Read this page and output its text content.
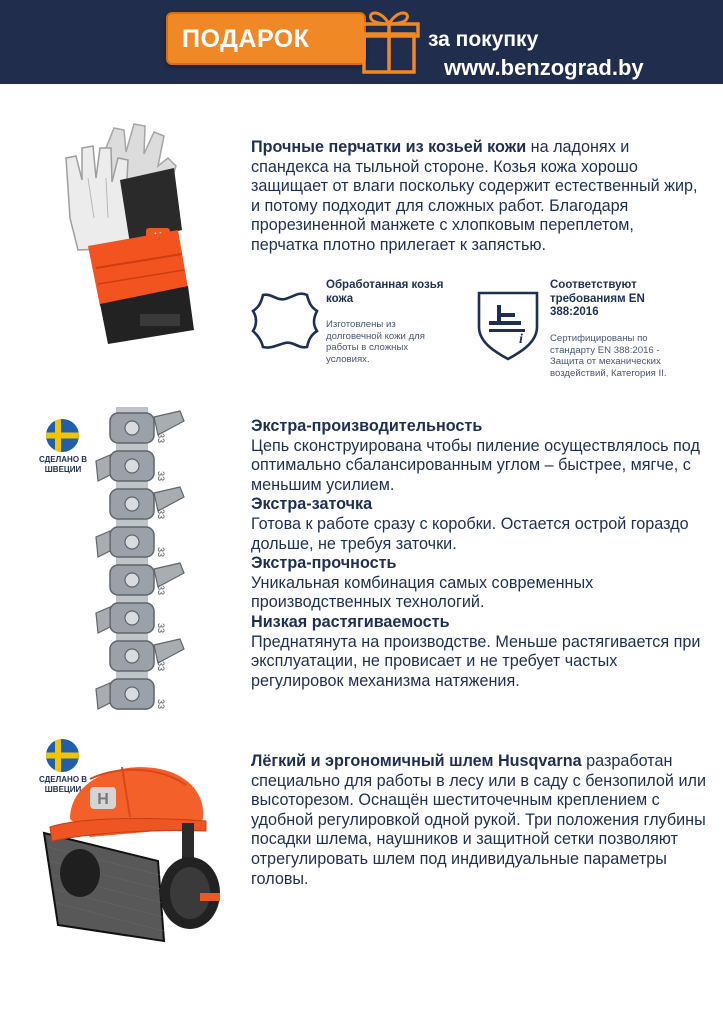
ПОДАРОК	за покупку
www.benzograd.by
Прочные перчатки из козьей кожи на ладонях и спандекса на тыльной стороне. Козья кожа хорошо защищает от влаги поскольку содержит естественный жир, и потому подходит для сложных работ. Благодаря прорезиненной манжете с хлопковым переплетом, перчатка плотно прилегает к запястью.
Обработанная козья кожа
Изготовлены из долговечной кожи для работы в сложных условиях.
i
Соответствуют требованиям EN 388:2016
Сертифицированы по стандарту EN 388:2016 - Защита от механических воздействий, Категория II.
СДЕЛАНО В ШВЕЦИИ
33
33
33
33
33
33
33
33
Экстра-производительность
Цепь сконструирована чтобы пиление осуществлялось под оптимально сбалансированным углом – быстрее, мягче, с меньшим усилием.
Экстра-заточка
Готова к работе сразу с коробки. Остается острой гораздо дольше, не требуя заточки.
Экстра-прочность
Уникальная комбинация самых современных производственных технологий.
Низкая растягиваемость
Преднатянута на производстве. Меньше растягивается при эксплуатации, не провисает и не требует частых регулировок механизма натяжения.
СДЕЛАНО В ШВЕЦИИ
H
Лёгкий и эргономичный шлем Husqvarna разработан специально для работы в лесу или в саду с бензопилой или высоторезом. Оснащён шеститочечным креплением с удобной регулировкой одной рукой. Три положения глубины посадки шлема, наушников и защитной сетки позволяют отрегулировать шлем под индивидуальные параметры головы.
